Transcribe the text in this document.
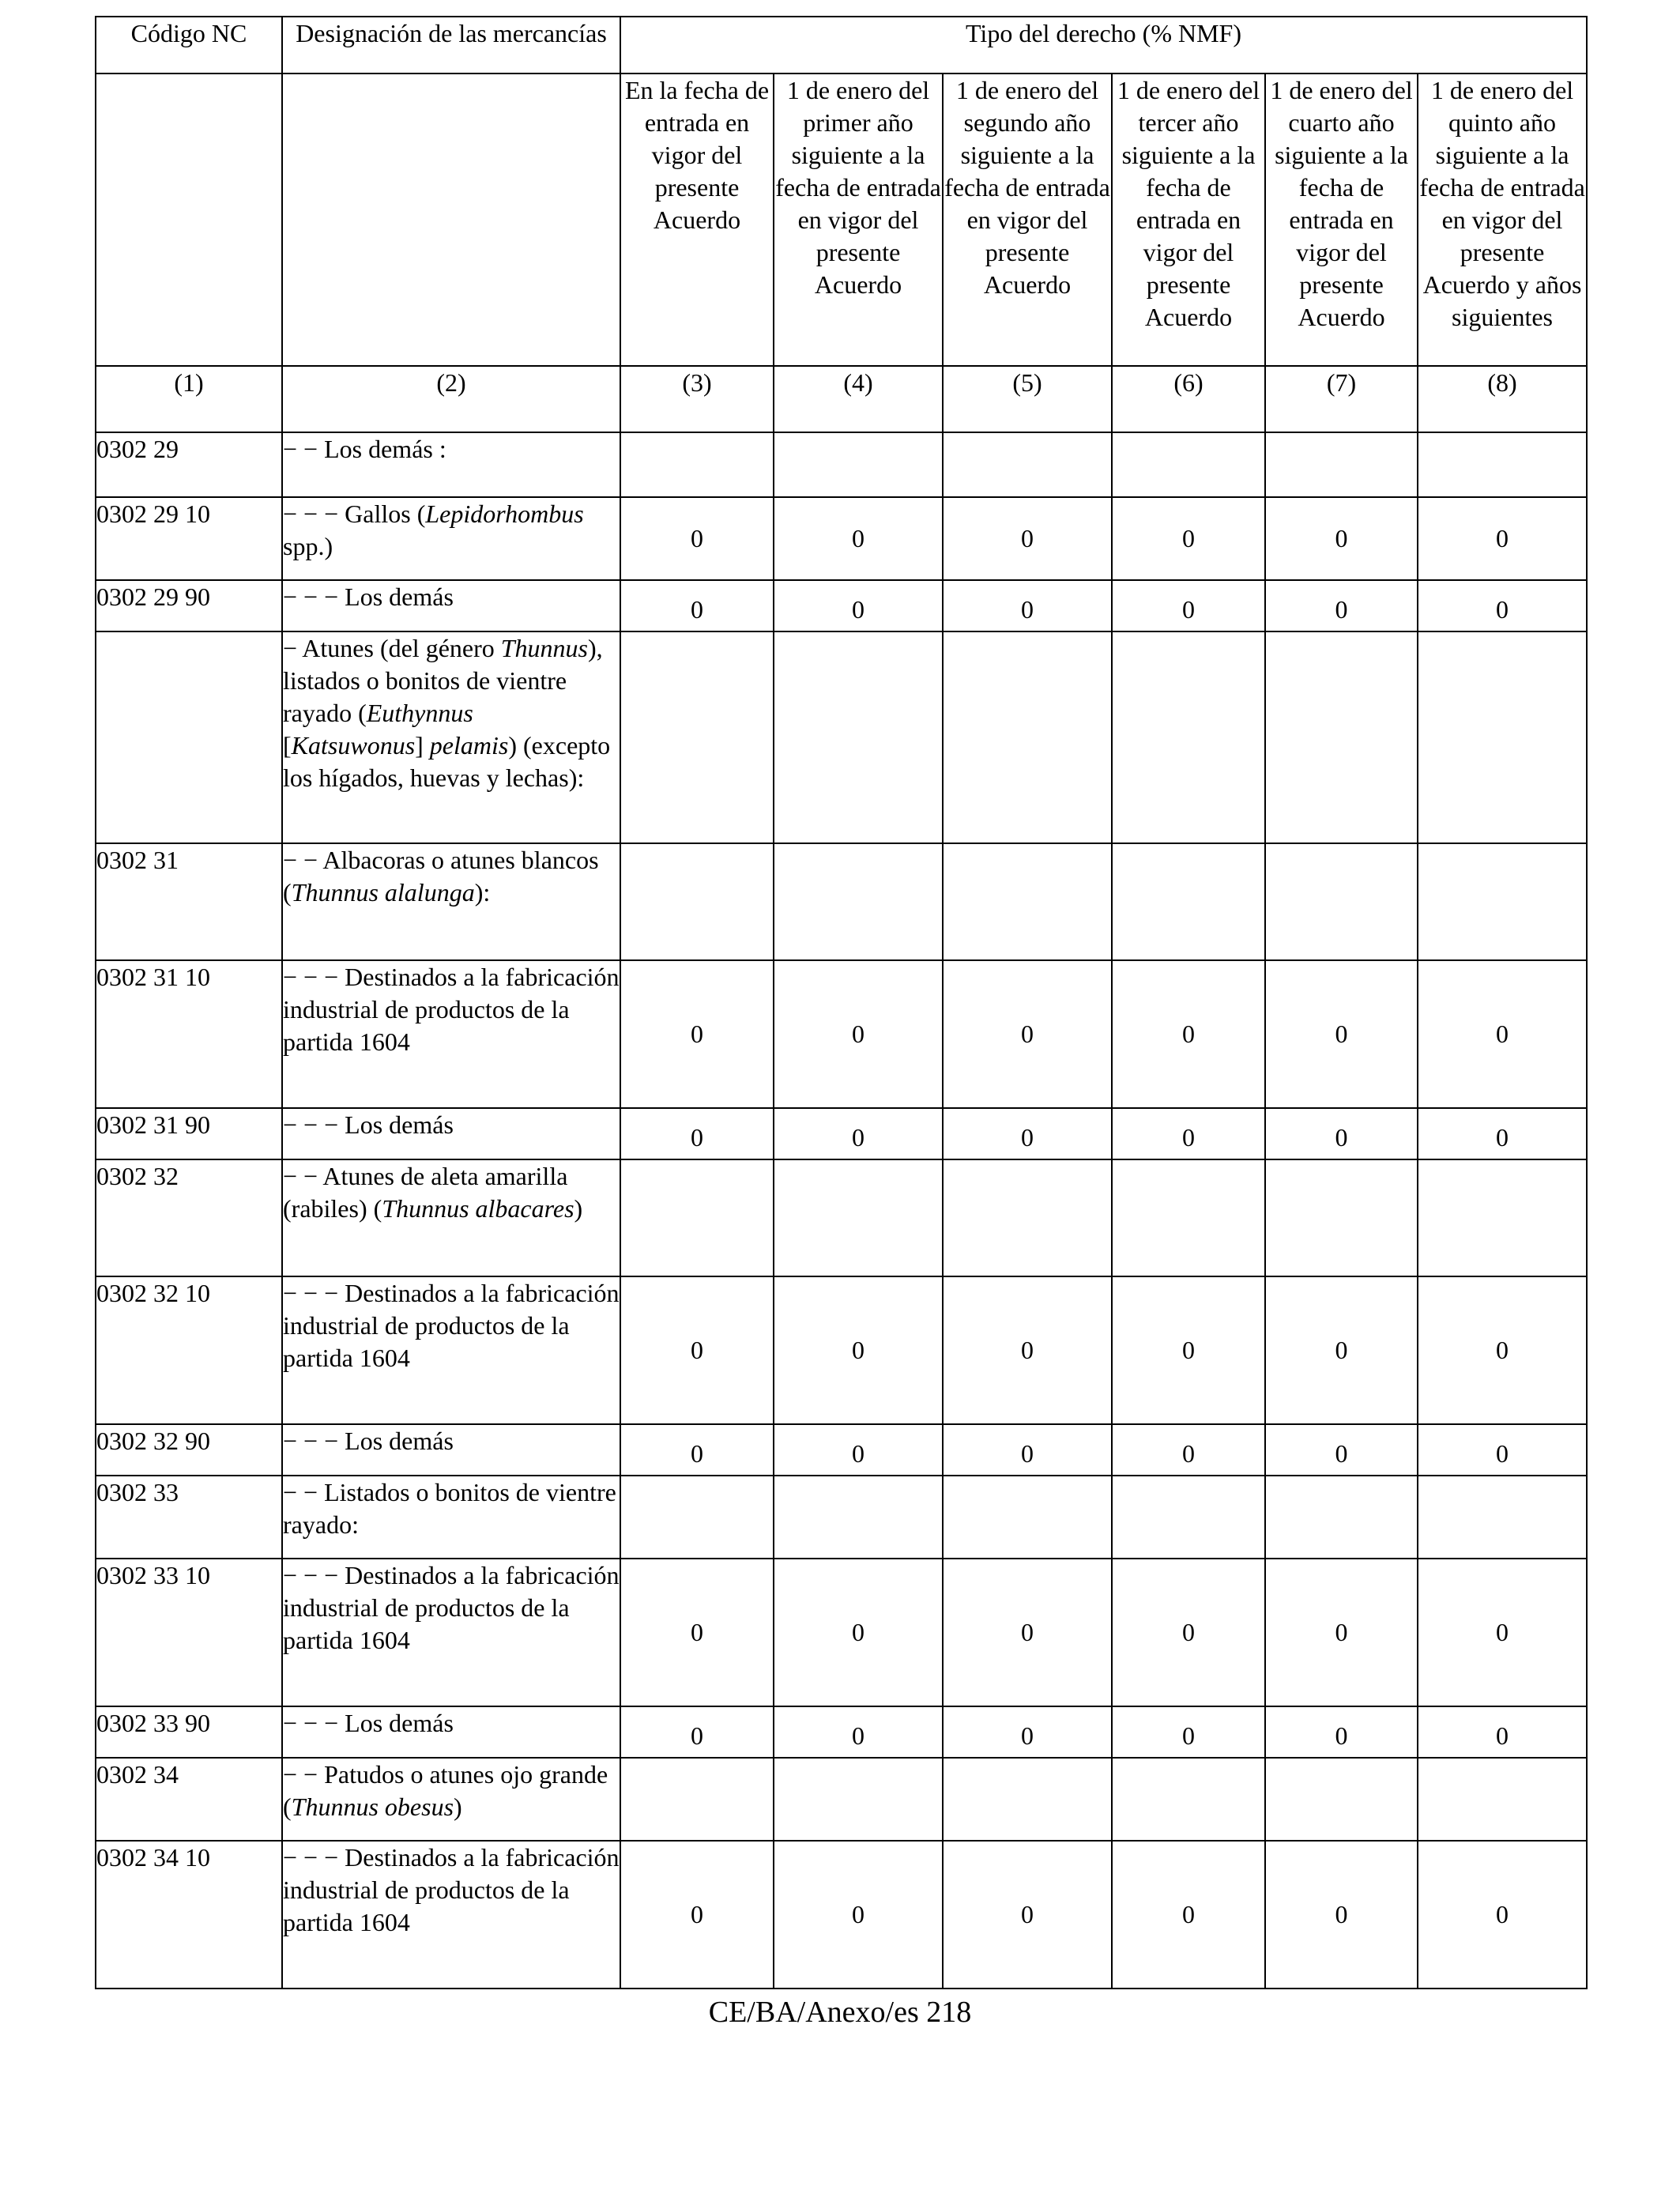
Código NC	Designación de las mercancías	Tipo del derecho (% NMF)					
		En la fecha de entrada en vigor del presente Acuerdo	1 de enero del primer año siguiente a la fecha de entrada en vigor del presente Acuerdo	1 de enero del segundo año siguiente a la fecha de entrada en vigor del presente Acuerdo	1 de enero del tercer año siguiente a la fecha de entrada en vigor del presente Acuerdo	1 de enero del cuarto año siguiente a la fecha de entrada en vigor del presente Acuerdo	1 de enero del quinto año siguiente a la fecha de entrada en vigor del presente Acuerdo y años siguientes
(1)	(2)	(3)	(4)	(5)	(6)	(7)	(8)
0302 29	− − Los demás :						
0302 29 10	− − − Gallos (Lepidorhombus spp.)	0	0	0	0	0	0
0302 29 90	− − − Los demás	0	0	0	0	0	0
	− Atunes (del género Thunnus), listados o bonitos de vientre rayado (Euthynnus [Katsuwonus] pelamis) (excepto los hígados, huevas y lechas):						
0302 31	− − Albacoras o atunes blancos (Thunnus alalunga):						
0302 31 10	− − − Destinados a la fabricación industrial de productos de la partida 1604	0	0	0	0	0	0
0302 31 90	− − − Los demás	0	0	0	0	0	0
0302 32	− − Atunes de aleta amarilla (rabiles) (Thunnus albacares)						
0302 32 10	− − − Destinados a la fabricación industrial de productos de la partida 1604	0	0	0	0	0	0
0302 32 90	− − − Los demás	0	0	0	0	0	0
0302 33	− − Listados o bonitos de vientre rayado:						
0302 33 10	− − − Destinados a la fabricación industrial de productos de la partida 1604	0	0	0	0	0	0
0302 33 90	− − − Los demás	0	0	0	0	0	0
0302 34	− − Patudos o atunes ojo grande (Thunnus obesus)						
0302 34 10	− − − Destinados a la fabricación industrial de productos de la partida 1604	0	0	0	0	0	0
CE/BA/Anexo/es 218
